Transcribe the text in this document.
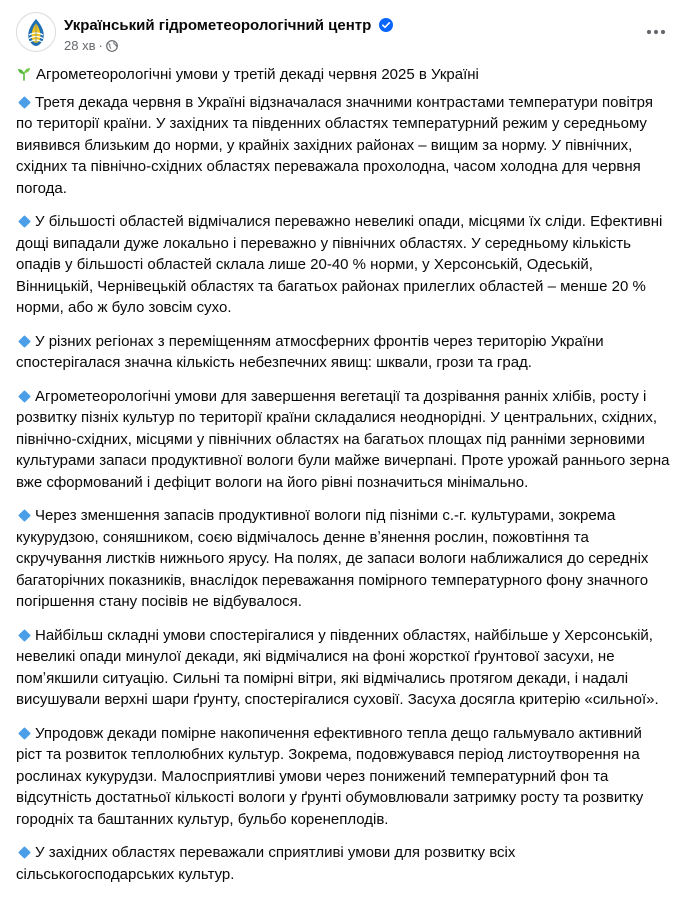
Український гідрометеорологічний центр
28 хв ·
Агрометеорологічні умови у третій декаді червня 2025 в Україні

Третя декада червня в Україні відзначалася значними контрастами температури повітря по території країни. У західних та південних областях температурний режим у середньому виявився близьким до норми, у крайніх західних районах – вищим за норму. У північних, східних та північно-східних областях переважала прохолодна, часом холодна для червня погода.

У більшості областей відмічалися переважно невеликі опади, місцями їх сліди. Ефективні дощі випадали дуже локально і переважно у північних областях. У середньому кількість опадів у більшості областей склала лише 20-40 % норми, у Херсонській, Одеській, Вінницькій, Чернівецькій областях та багатьох районах прилеглих областей – менше 20 % норми, або ж було зовсім сухо.

У різних регіонах з переміщенням атмосферних фронтів через територію України спостерігалася значна кількість небезпечних явищ: шквали, грози та град.

Агрометеорологічні умови для завершення вегетації та дозрівання ранніх хлібів, росту і розвитку пізніх культур по території країни складалися неоднорідні. У центральних, східних, північно-східних, місцями у північних областях на багатьох площах під ранніми зерновими культурами запаси продуктивної вологи були майже вичерпані. Проте урожай раннього зерна вже сформований і дефіцит вологи на його рівні позначиться мінімально.

Через зменшення запасів продуктивної вологи під пізніми с.-г. культурами, зокрема кукурудзою, соняшником, соєю відмічалось денне вʼянення рослин, пожовтіння та скручування листків нижнього ярусу. На полях, де запаси вологи наближалися до середніх багаторічних показників, внаслідок переважання помірного температурного фону значного погіршення стану посівів не відбувалося.

Найбільш складні умови спостерігалися у південних областях, найбільше у Херсонській, невеликі опади минулої декади, які відмічалися на фоні жорсткої ґрунтової засухи, не помʼякшили ситуацію. Сильні та помірні вітри, які відмічались протягом декади, і надалі висушували верхні шари ґрунту, спостерігалися суховії. Засуха досягла критерію «сильної».

Упродовж декади помірне накопичення ефективного тепла дещо гальмувало активний ріст та розвиток теплолюбних культур. Зокрема, подовжувався період листоутворення на рослинах кукурудзи. Малосприятливі умови через понижений температурний фон та відсутність достатньої кількості вологи у ґрунті обумовлювали затримку росту та розвитку городніх та баштанних культур, бульбо коренеплодів.

У західних областях переважали сприятливі умови для розвитку всіх сільськогосподарських культур.
